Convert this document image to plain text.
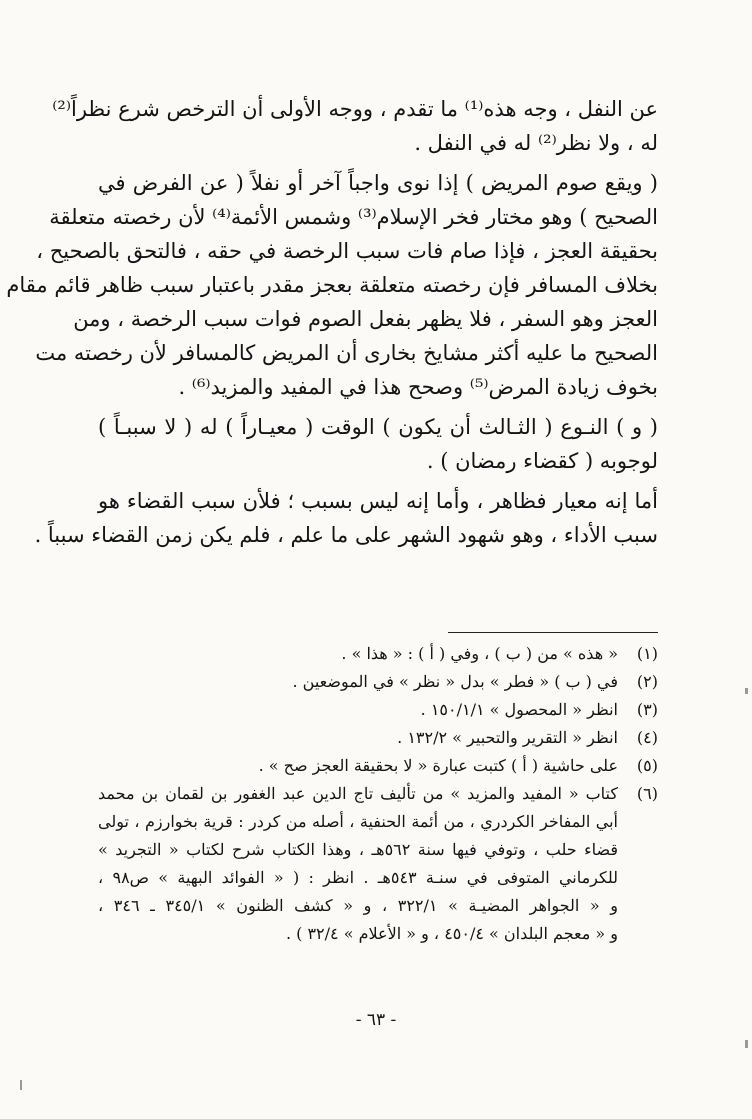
عن النفل ، وجه هذه⁽¹⁾ ما تقدم ، ووجه الأولى أن الترخص شرع نظراً⁽²⁾
له ، ولا نظر⁽²⁾ له في النفل .
( ويقع صوم المريض ) إذا نوى واجباً آخر أو نفلاً ( عن الفرض في
الصحيح ) وهو مختار فخر الإسلام⁽³⁾ وشمس الأئمة⁽⁴⁾ لأن رخصته متعلقة
بحقيقة العجز ، فإذا صام فات سبب الرخصة في حقه ، فالتحق بالصحيح ،
بخلاف المسافر فإن رخصته متعلقة بعجز مقدر باعتبار سبب ظاهر قائم مقام
العجز وهو السفر ، فلا يظهر بفعل الصوم فوات سبب الرخصة ، ومن
الصحيح ما عليه أكثر مشايخ بخارى أن المريض كالمسافر لأن رخصته مت
بخوف زيادة المرض⁽⁵⁾ وصحح هذا في المفيد والمزيد⁽⁶⁾ .
( و ) النـوع ( الثـالث أن يكون ) الوقت ( معيـاراً ) له ( لا سببـاً )
لوجوبه ( كقضاء رمضان ) .
أما إنه معيار فظاهر ، وأما إنه ليس بسبب ؛ فلأن سبب القضاء هو
سبب الأداء ، وهو شهود الشهر على ما علم ، فلم يكن زمن القضاء سبباً .
(١)
« هذه » من ( ب ) ، وفي ( أ ) : « هذا » .
(٢)
في ( ب ) « فطر » بدل « نظر » في الموضعين .
(٣)
انظر « المحصول » ١٥٠/١/١ .
(٤)
انظر « التقرير والتحبير » ١٣٢/٢ .
(٥)
على حاشية ( أ ) كتبت عبارة « لا بحقيقة العجز صح » .
(٦)
كتاب « المفيد والمزيد » من تأليف تاج الدين عبد الغفور بن لقمان بن محمد
أبي المفاخر الكردري ، من أئمة الحنفية ، أصله من كردر : قرية بخوارزم ، تولى
قضاء حلب ، وتوفي فيها سنة ٥٦٢هـ ، وهذا الكتاب شرح لكتاب « التجريد »
للكرماني المتوفى في سنـة ٥٤٣هـ . انظر : ( « الفوائد البهية » ص٩٨ ،
و « الجواهر المضيـة » ٣٢٢/١ ، و « كشف الظنون » ٣٤٥/١ ـ ٣٤٦ ،
و « معجم البلدان » ٤٥٠/٤ ، و « الأعلام » ٣٢/٤ ) .
- ٦٣ -
